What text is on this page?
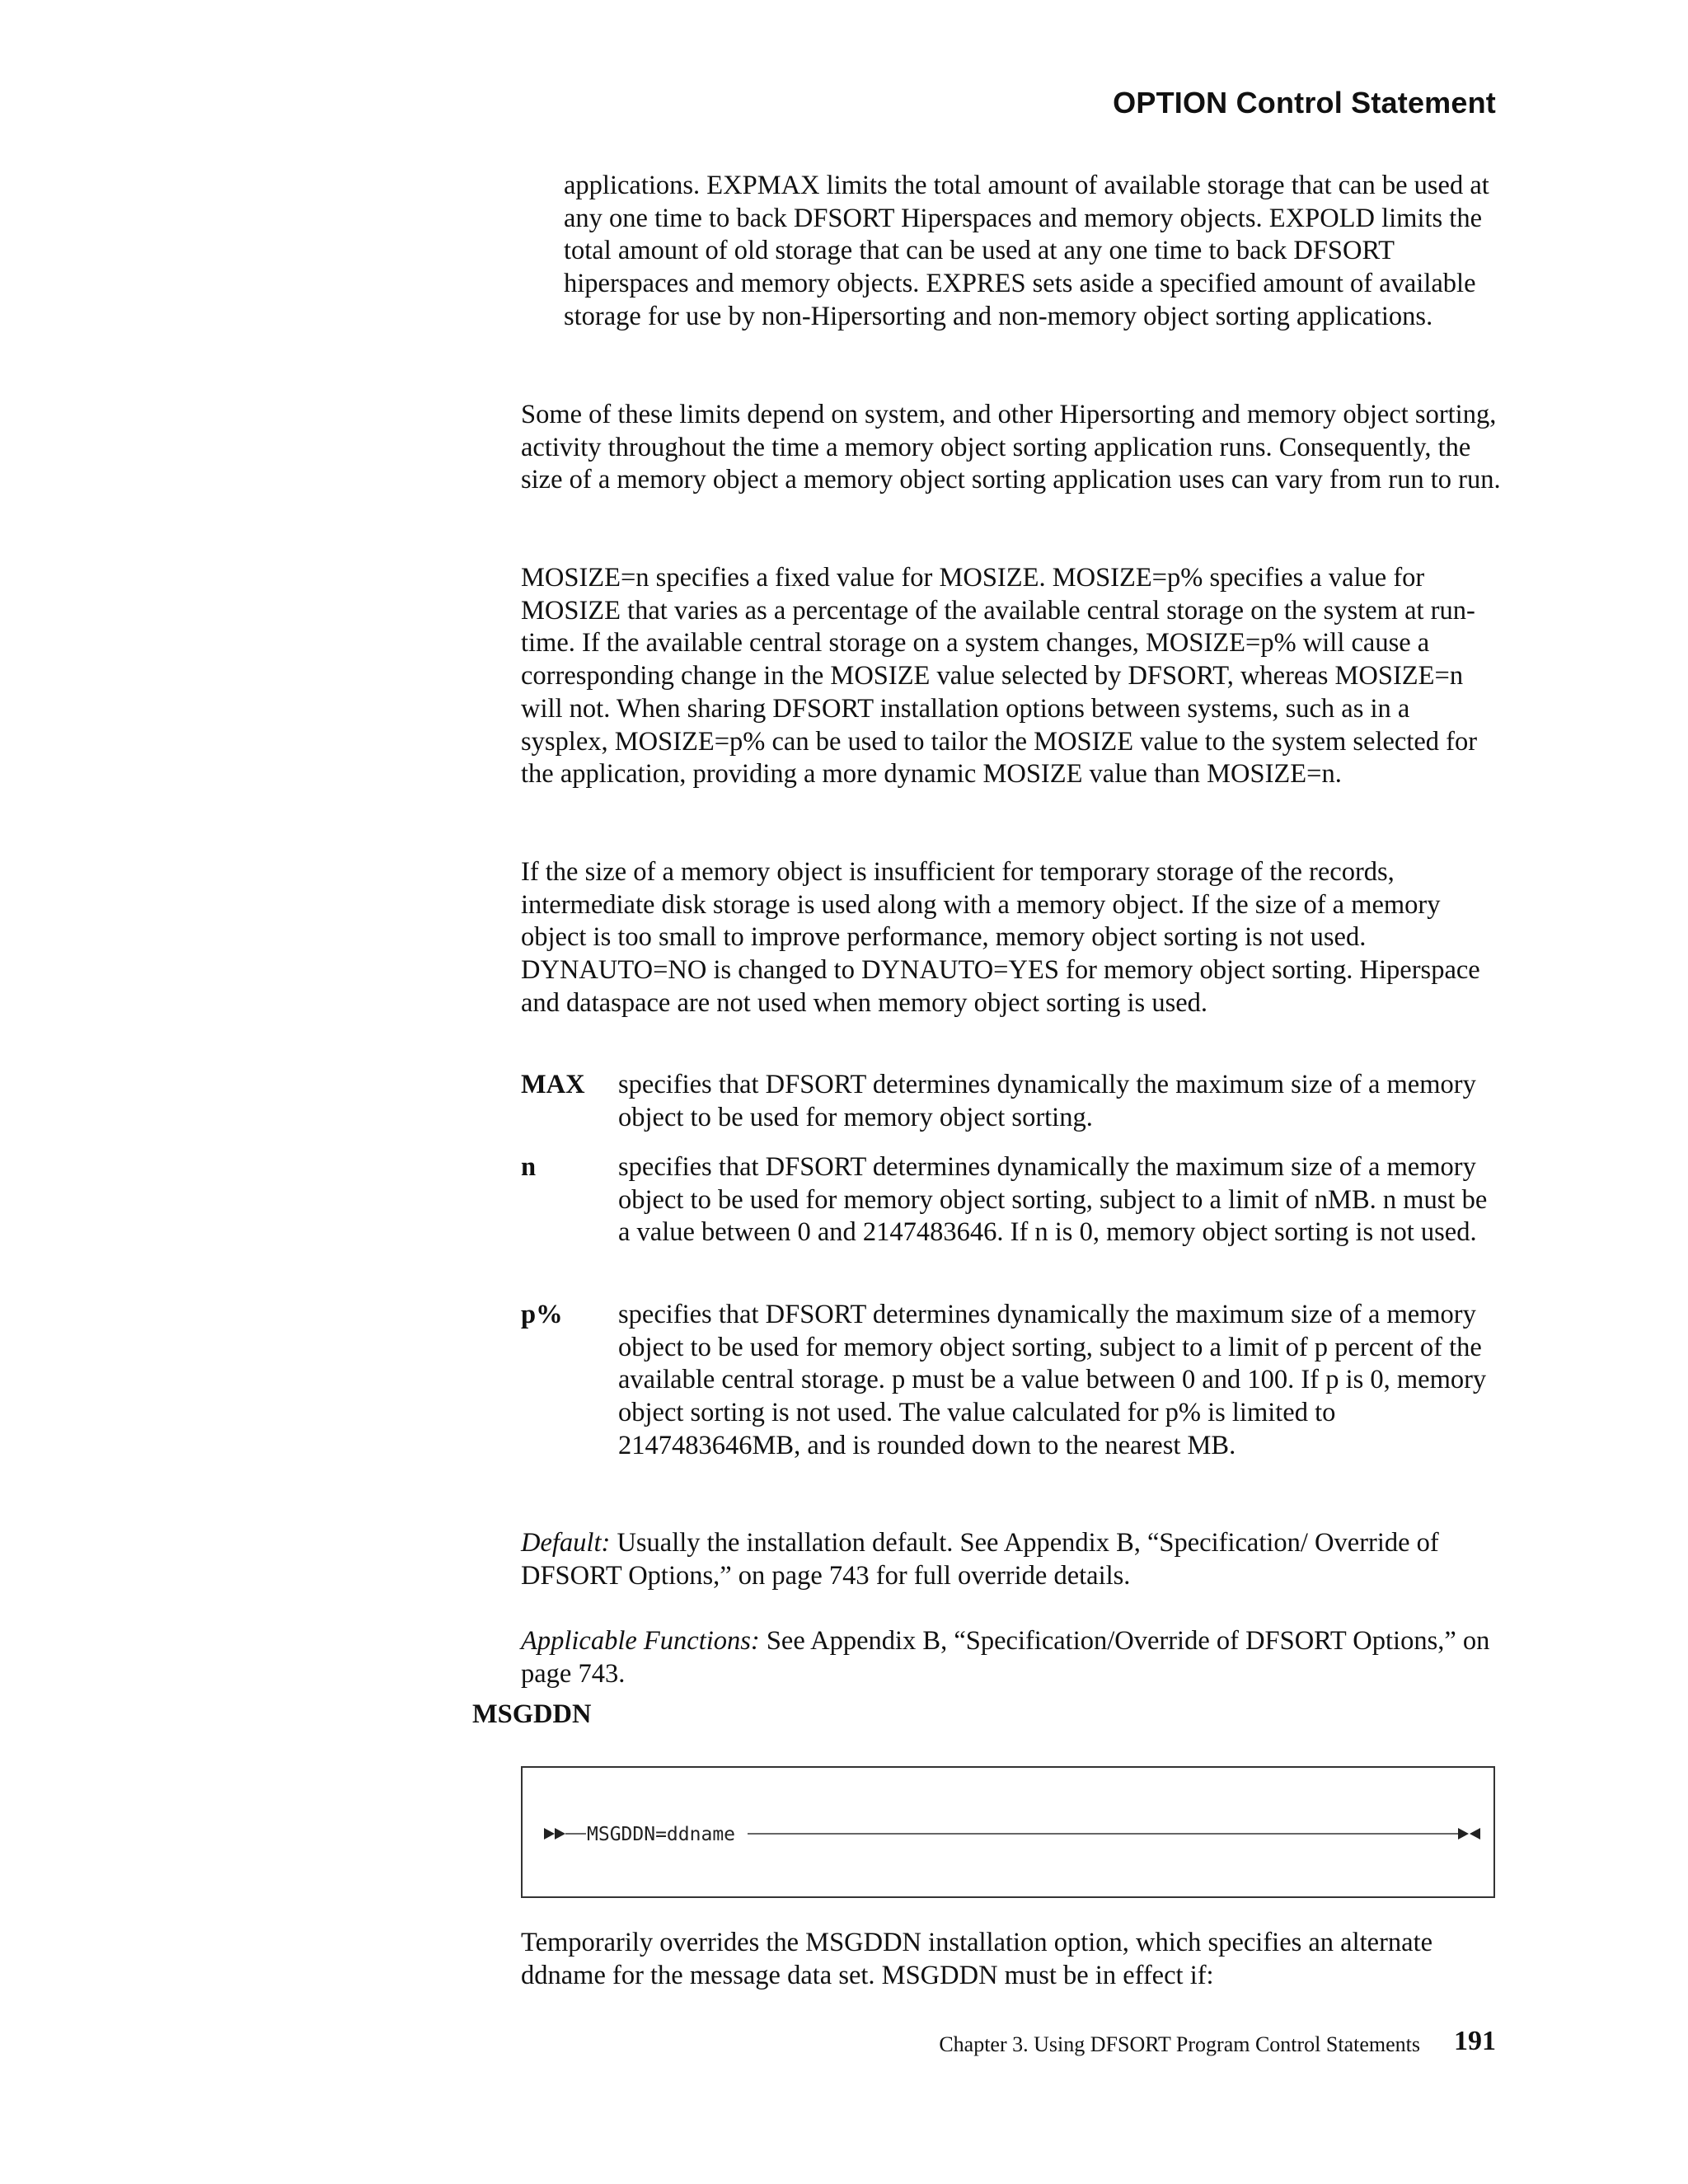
OPTION Control Statement

applications. EXPMAX limits the total amount of available storage that can be used at any one time to back DFSORT Hiperspaces and memory objects. EXPOLD limits the total amount of old storage that can be used at any one time to back DFSORT hiperspaces and memory objects. EXPRES sets aside a specified amount of available storage for use by non-Hipersorting and non-memory object sorting applications.

Some of these limits depend on system, and other Hipersorting and memory object sorting, activity throughout the time a memory object sorting application runs. Consequently, the size of a memory object a memory object sorting application uses can vary from run to run.

MOSIZE=n specifies a fixed value for MOSIZE. MOSIZE=p% specifies a value for MOSIZE that varies as a percentage of the available central storage on the system at run-time. If the available central storage on a system changes, MOSIZE=p% will cause a corresponding change in the MOSIZE value selected by DFSORT, whereas MOSIZE=n will not. When sharing DFSORT installation options between systems, such as in a sysplex, MOSIZE=p% can be used to tailor the MOSIZE value to the system selected for the application, providing a more dynamic MOSIZE value than MOSIZE=n.

If the size of a memory object is insufficient for temporary storage of the records, intermediate disk storage is used along with a memory object. If the size of a memory object is too small to improve performance, memory object sorting is not used. DYNAUTO=NO is changed to DYNAUTO=YES for memory object sorting. Hiperspace and dataspace are not used when memory object sorting is used.

MAX specifies that DFSORT determines dynamically the maximum size of a memory object to be used for memory object sorting.
n	specifies that DFSORT determines dynamically the maximum size of a memory object to be used for memory object sorting, subject to a limit of nMB. n must be a value between 0 and 2147483646. If n is 0, memory object sorting is not used.
p% specifies that DFSORT determines dynamically the maximum size of a memory object to be used for memory object sorting, subject to a limit of p percent of the available central storage. p must be a value between 0 and 100. If p is 0, memory object sorting is not used. The value calculated for p% is limited to 2147483646MB, and is rounded down to the nearest MB.

Default: Usually the installation default. See Appendix B, “Specification/ Override of DFSORT Options,” on page 743 for full override details.

Applicable Functions: See Appendix B, “Specification/Override of DFSORT Options,” on page 743.

MSGDDN
MSGDDN=ddname

Temporarily overrides the MSGDDN installation option, which specifies an alternate ddname for the message data set. MSGDDN must be in effect if:

Chapter 3. Using DFSORT Program Control Statements 191
